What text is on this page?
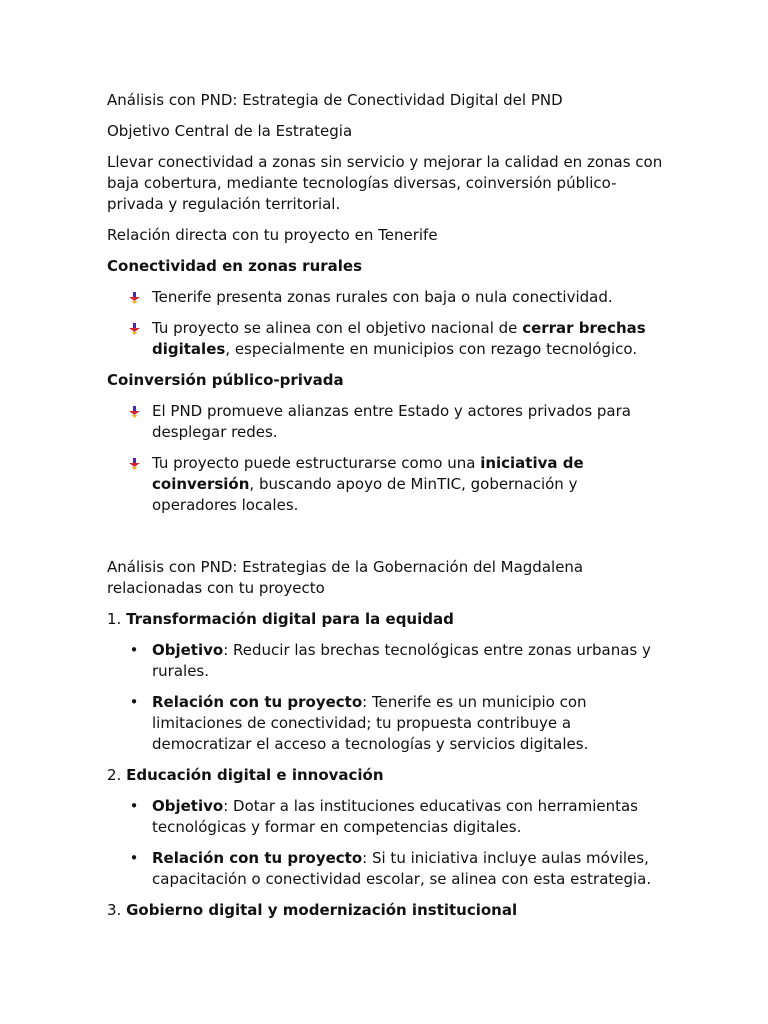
Análisis con PND: Estrategia de Conectividad Digital del PND

Objetivo Central de la Estrategia

Llevar conectividad a zonas sin servicio y mejorar la calidad en zonas con baja cobertura, mediante tecnologías diversas, coinversión público-privada y regulación territorial.

Relación directa con tu proyecto en Tenerife

Conectividad en zonas rurales

Tenerife presenta zonas rurales con baja o nula conectividad.
Tu proyecto se alinea con el objetivo nacional de cerrar brechas digitales, especialmente en municipios con rezago tecnológico.

Coinversión público-privada

El PND promueve alianzas entre Estado y actores privados para desplegar redes.
Tu proyecto puede estructurarse como una iniciativa de coinversión, buscando apoyo de MinTIC, gobernación y operadores locales.

Análisis con PND: Estrategias de la Gobernación del Magdalena relacionadas con tu proyecto

1. Transformación digital para la equidad

• Objetivo: Reducir las brechas tecnológicas entre zonas urbanas y rurales.
• Relación con tu proyecto: Tenerife es un municipio con limitaciones de conectividad; tu propuesta contribuye a democratizar el acceso a tecnologías y servicios digitales.

2. Educación digital e innovación

• Objetivo: Dotar a las instituciones educativas con herramientas tecnológicas y formar en competencias digitales.
• Relación con tu proyecto: Si tu iniciativa incluye aulas móviles, capacitación o conectividad escolar, se alinea con esta estrategia.

3. Gobierno digital y modernización institucional
